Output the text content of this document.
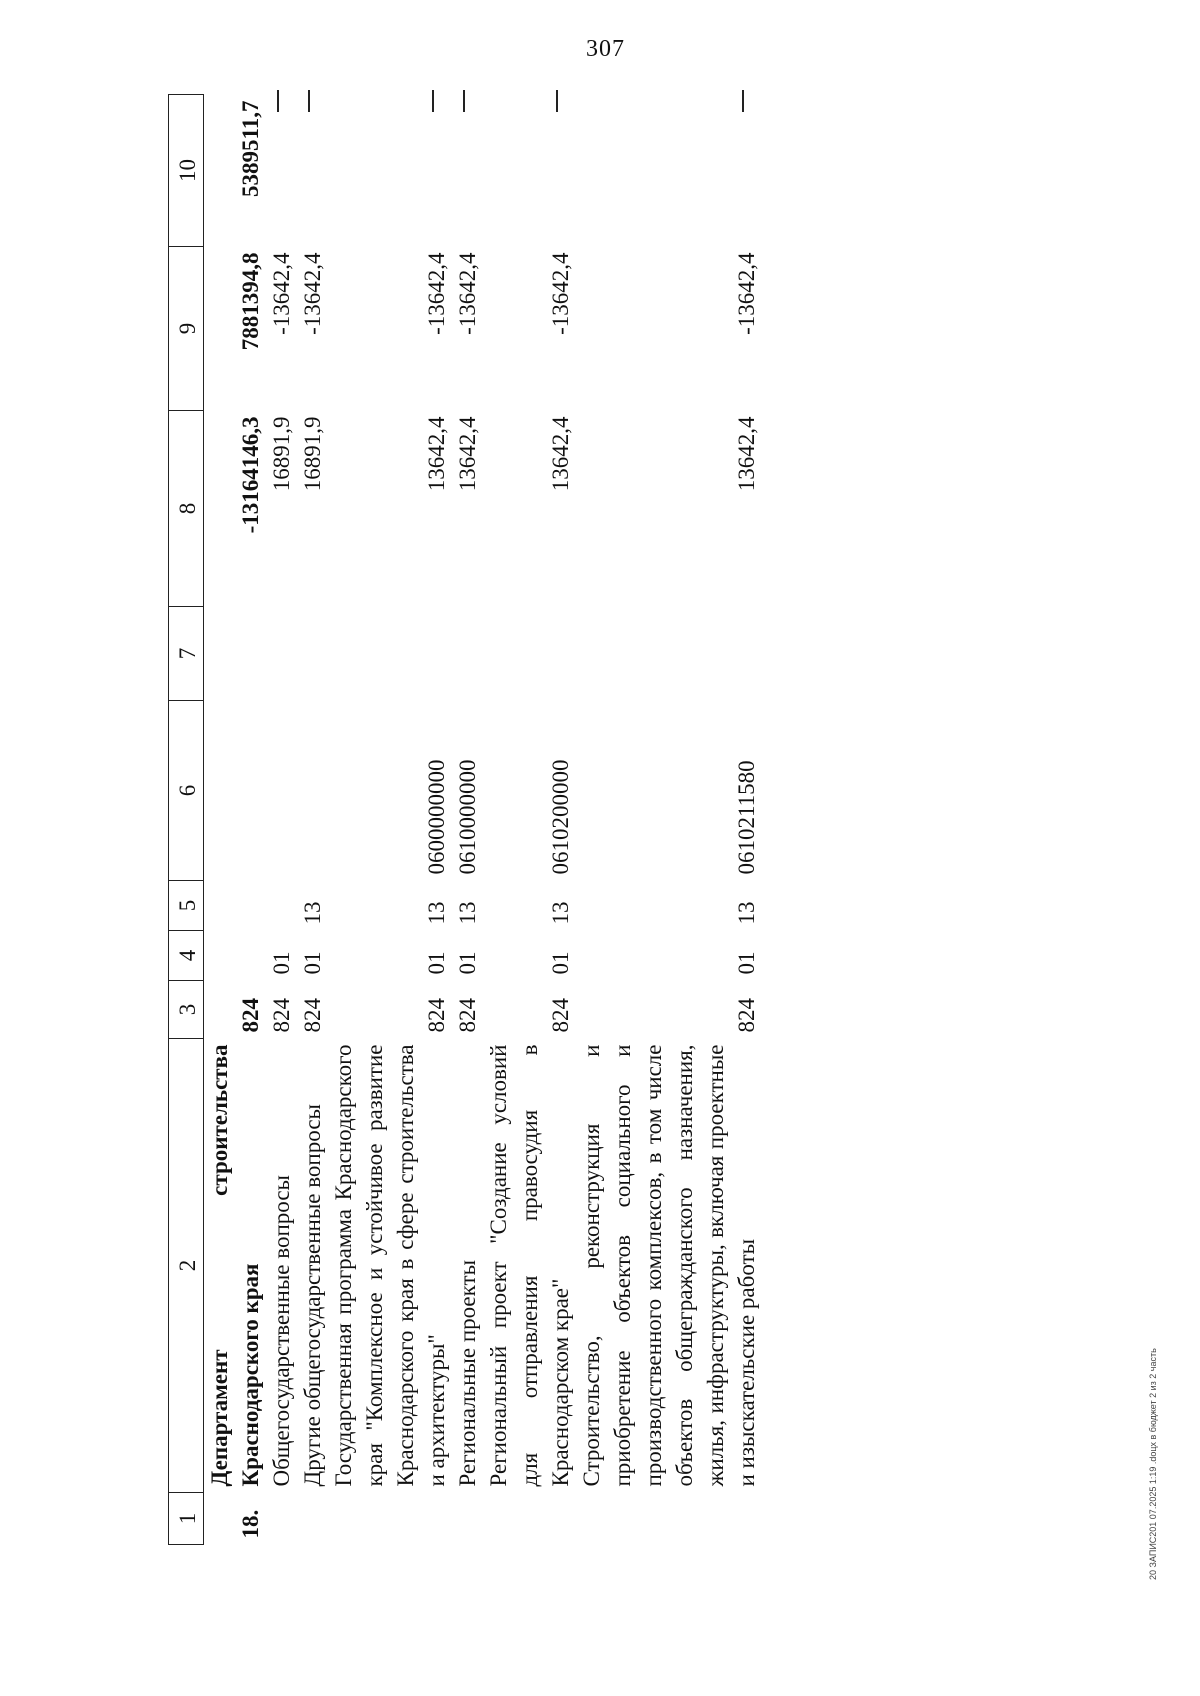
307
1	2	3	4	5	6	7	8	9	10
18.	Департамент строительства Краснодарского края	824					-13164146,3	7881394,8	5389511,7
	Общегосударственные вопросы	824	01				16891,9	-13642,4	
	Другие общегосударственные вопросы	824	01	13			16891,9	-13642,4	
	Государственная программа Краснодарского края "Комплексное и устойчивое развитие Краснодарского края в сфере строительства и архитектуры"	824	01	13	0600000000		13642,4	-13642,4	
	Региональные проекты	824	01	13	0610000000		13642,4	-13642,4	
	Региональный проект "Создание условий для отправления правосудия в Краснодарском крае"	824	01	13	0610200000		13642,4	-13642,4	
	Строительство, реконструкция и приобретение объектов социального и производственного комплексов, в том числе объектов общегражданского назначения, жилья, инфраструктуры, включая проектные и изыскательские работы	824	01	13	0610211580		13642,4	-13642,4	
20 ЗАПИС201 07.2025 1:19 .dоцх в бюджет 2 из 2 часть
